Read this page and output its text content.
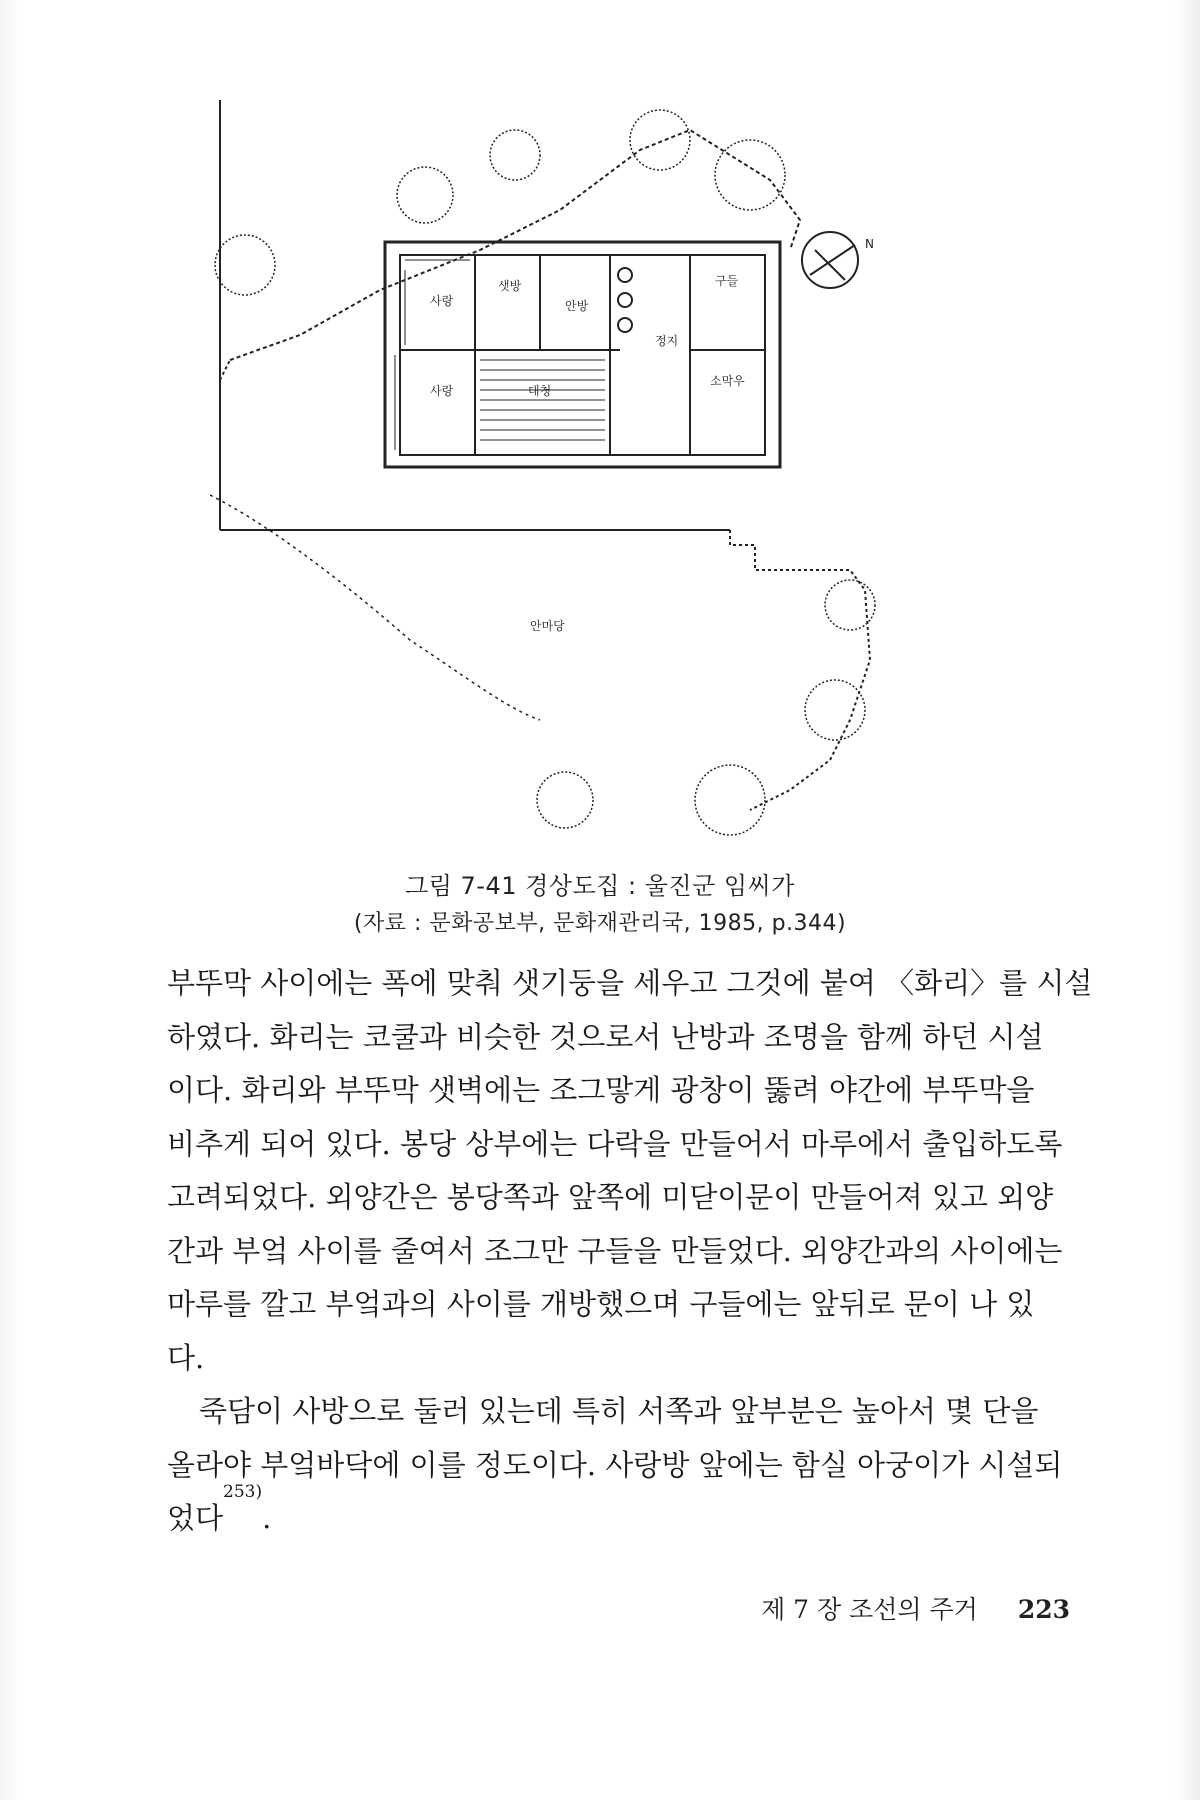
사랑
샛방
안방
구들
정지
사랑	대청
소막우
안마당
N
그림 7-41 경상도집 : 울진군 임씨가
(자료 : 문화공보부, 문화재관리국, 1985, p.344)
부뚜막 사이에는 폭에 맞춰 샛기둥을 세우고 그것에 붙여 〈화리〉를 시설
하였다. 화리는 코쿨과 비슷한 것으로서 난방과 조명을 함께 하던 시설
이다. 화리와 부뚜막 샛벽에는 조그맣게 광창이 뚫려 야간에 부뚜막을
비추게 되어 있다. 봉당 상부에는 다락을 만들어서 마루에서 출입하도록
고려되었다. 외양간은 봉당쪽과 앞쪽에 미닫이문이 만들어져 있고 외양
간과 부엌 사이를 줄여서 조그만 구들을 만들었다. 외양간과의 사이에는
마루를 깔고 부엌과의 사이를 개방했으며 구들에는 앞뒤로 문이 나 있
다.
죽담이 사방으로 둘러 있는데 특히 서쪽과 앞부분은 높아서 몇 단을
올라야 부엌바닥에 이를 정도이다. 사랑방 앞에는 함실 아궁이가 시설되
었다
253)
.
제 7 장 조선의 주거 223
